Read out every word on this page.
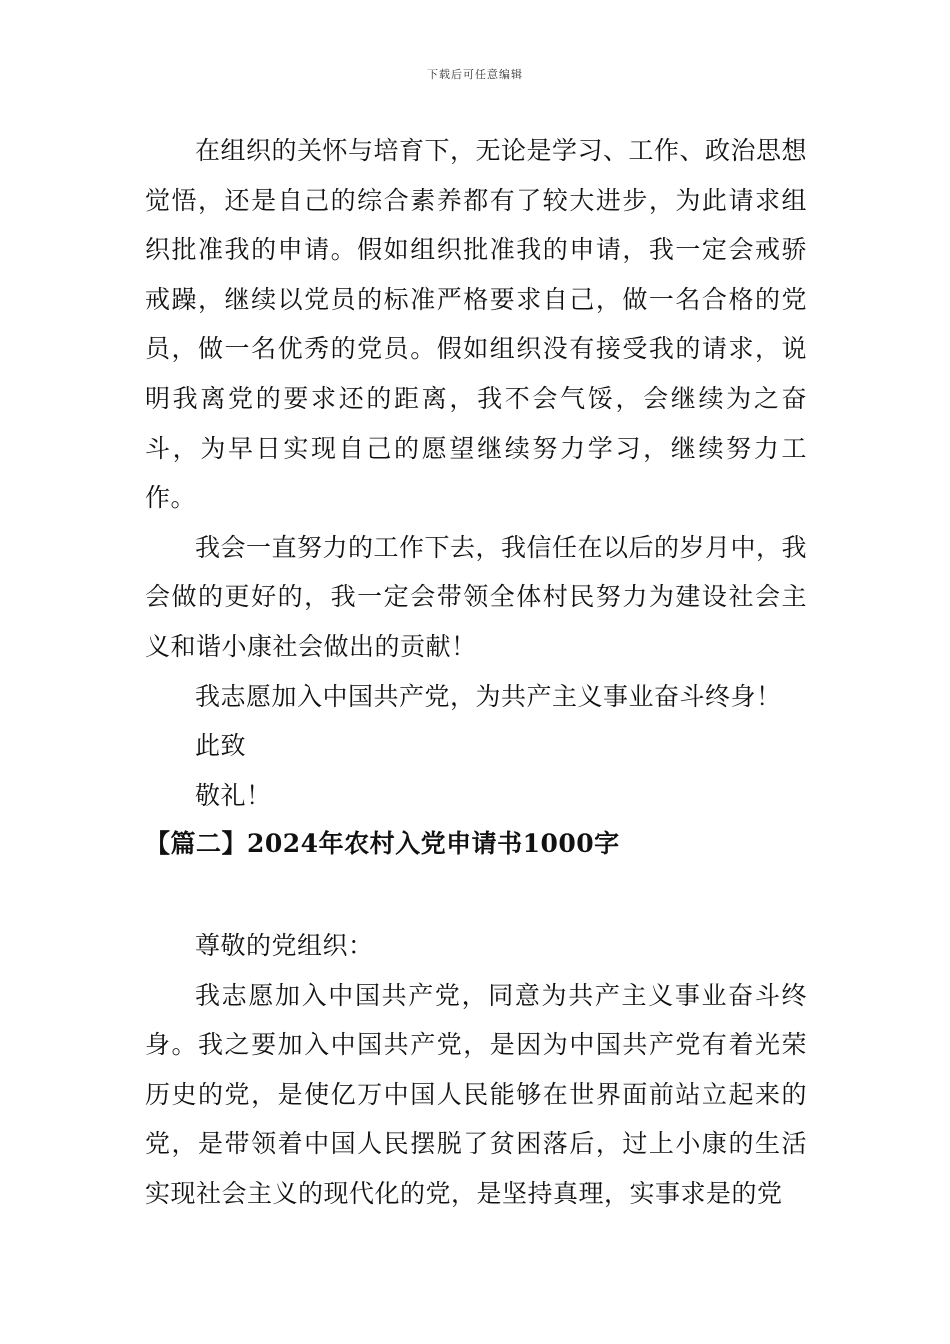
下载后可任意编辑

在组织的关怀与培育下，无论是学习、工作、政治思想觉悟，还是自己的综合素养都有了较大进步，为此请求组织批准我的申请。假如组织批准我的申请，我一定会戒骄戒躁，继续以党员的标准严格要求自己，做一名合格的党员，做一名优秀的党员。假如组织没有接受我的请求，说明我离党的要求还的距离，我不会气馁，会继续为之奋斗，为早日实现自己的愿望继续努力学习，继续努力工作。

我会一直努力的工作下去，我信任在以后的岁月中，我会做的更好的，我一定会带领全体村民努力为建设社会主义和谐小康社会做出的贡献！

我志愿加入中国共产党，为共产主义事业奋斗终身！

此致

敬礼！

【篇二】2024年农村入党申请书1000字

尊敬的党组织：

我志愿加入中国共产党，同意为共产主义事业奋斗终身。我之要加入中国共产党，是因为中国共产党有着光荣历史的党，是使亿万中国人民能够在世界面前站立起来的党，是带领着中国人民摆脱了贫困落后，过上小康的生活实现社会主义的现代化的党，是坚持真理，实事求是的党
